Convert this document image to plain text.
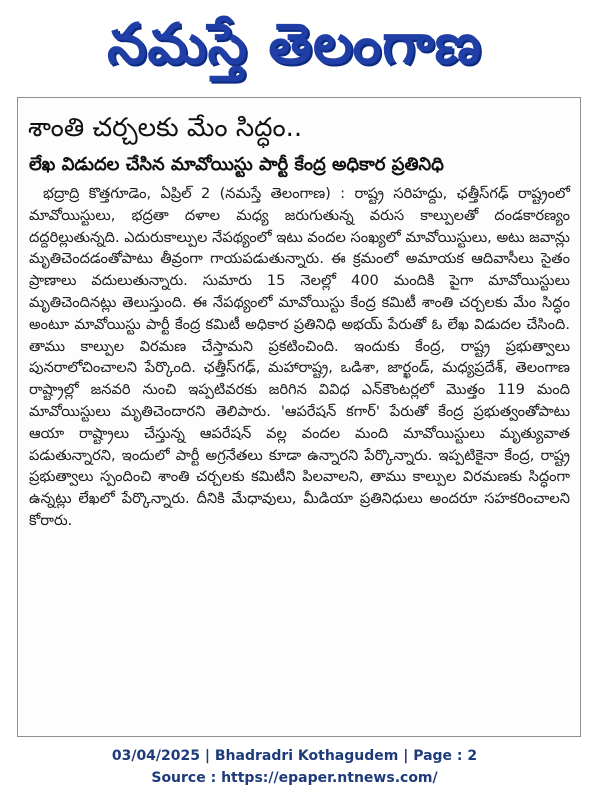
నమస్తే తెలంగాణ
శాంతి చర్చలకు మేం సిద్ధం..
లేఖ విడుదల చేసిన మావోయిస్టు పార్టీ కేంద్ర అధికార ప్రతినిధి

భద్రాద్రి కొత్తగూడెం, ఏప్రిల్ 2 (నమస్తే తెలంగాణ) : రాష్ట్ర సరిహద్దు, ఛత్తీస్‌గఢ్ రాష్ట్రంలో మావోయిస్టులు, భద్రతా దళాల మధ్య జరుగుతున్న వరుస కాల్పులతో దండకారణ్యం దద్దరిల్లుతున్నది. ఎదురుకాల్పుల నేపథ్యంలో ఇటు వందల సంఖ్యలో మావోయిస్టులు, అటు జవాన్లు మృతిచెందడంతోపాటు తీవ్రంగా గాయపడుతున్నారు. ఈ క్రమంలో అమాయక ఆదివాసీలు సైతం ప్రాణాలు వదులుతున్నారు. సుమారు 15 నెలల్లో 400 మందికి పైగా మావోయిస్టులు మృతిచెందినట్లు తెలుస్తుంది. ఈ నేపథ్యంలో మావోయిస్టు కేంద్ర కమిటీ శాంతి చర్చలకు మేం సిద్ధం అంటూ మావోయిస్టు పార్టీ కేంద్ర కమిటీ అధికార ప్రతినిధి అభయ్ పేరుతో ఓ లేఖ విడుదల చేసింది. తాము కాల్పుల విరమణ చేస్తామని ప్రకటించింది. ఇందుకు కేంద్ర, రాష్ట్ర ప్రభుత్వాలు పునరాలోచించాలని పేర్కొంది. ఛత్తీస్‌గఢ్, మహారాష్ట్ర, ఒడిశా, జార్ఖండ్, మధ్యప్రదేశ్, తెలంగాణ రాష్ట్రాల్లో జనవరి నుంచి ఇప్పటివరకు జరిగిన వివిధ ఎన్‌కౌంటర్లలో మొత్తం 119 మంది మావోయిస్టులు మృతిచెందారని తెలిపారు. 'ఆపరేషన్ కగార్' పేరుతో కేంద్ర ప్రభుత్వంతోపాటు ఆయా రాష్ట్రాలు చేస్తున్న ఆపరేషన్ వల్ల వందల మంది మావోయిస్టులు మృత్యువాత పడుతున్నారని, ఇందులో పార్టీ అగ్రనేతలు కూడా ఉన్నారని పేర్కొన్నారు. ఇప్పటికైనా కేంద్ర, రాష్ట్ర ప్రభుత్వాలు స్పందించి శాంతి చర్చలకు కమిటీని పిలవాలని, తాము కాల్పుల విరమణకు సిద్ధంగా ఉన్నట్లు లేఖలో పేర్కొన్నారు. దీనికి మేధావులు, మీడియా ప్రతినిధులు అందరూ సహకరించాలని కోరారు.

03/04/2025 | Bhadradri Kothagudem | Page : 2
Source : https://epaper.ntnews.com/
